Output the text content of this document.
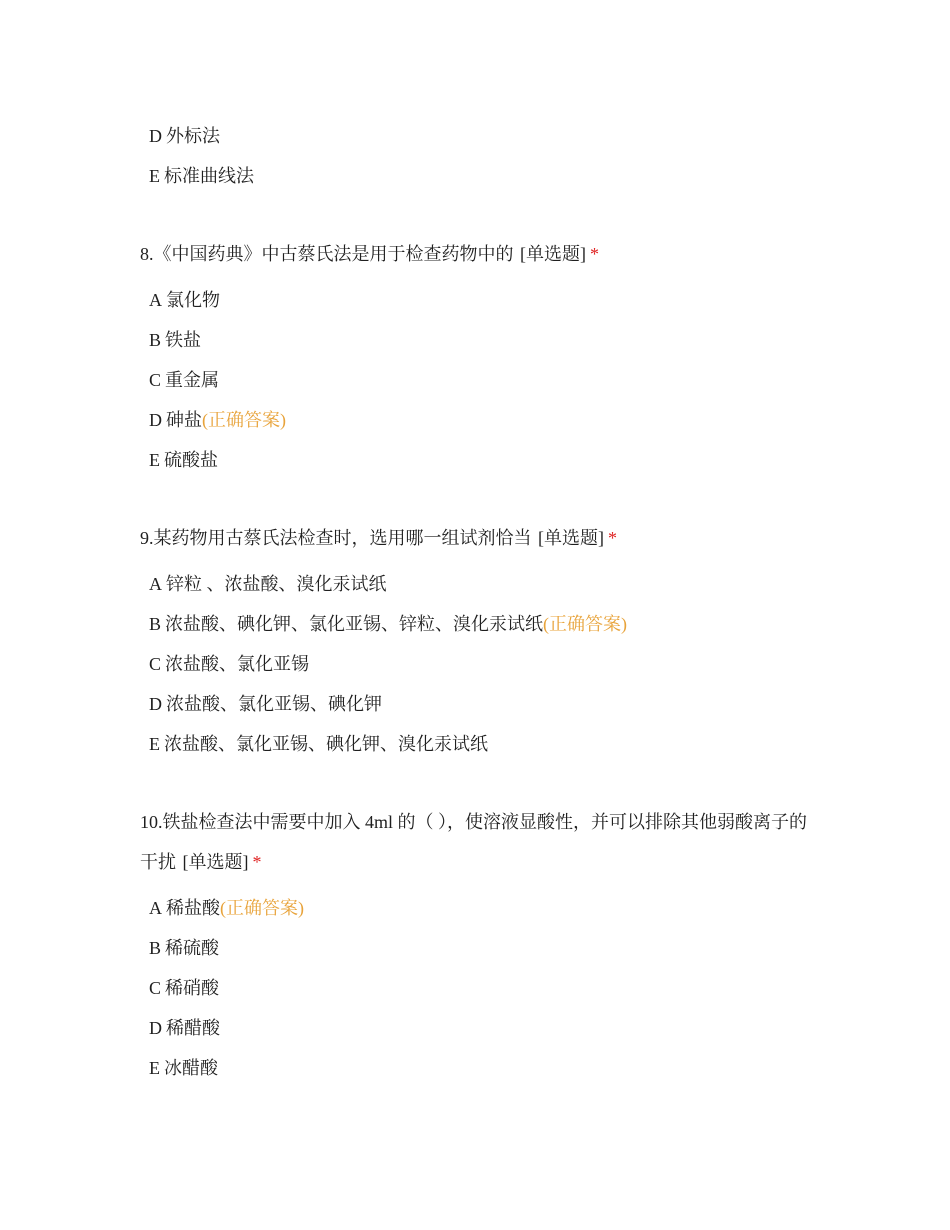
D 外标法
E 标准曲线法
8.《中国药典》中古蔡氏法是用于检查药物中的 [单选题] *
A 氯化物
B 铁盐
C 重金属
D 砷盐(正确答案)
E 硫酸盐
9.某药物用古蔡氏法检查时，选用哪一组试剂恰当 [单选题] *
A 锌粒 、浓盐酸、溴化汞试纸
B 浓盐酸、碘化钾、氯化亚锡、锌粒、溴化汞试纸(正确答案)
C 浓盐酸、氯化亚锡
D 浓盐酸、氯化亚锡、碘化钾
E 浓盐酸、氯化亚锡、碘化钾、溴化汞试纸
10.铁盐检查法中需要中加入 4ml 的（ ），使溶液显酸性，并可以排除其他弱酸离子的干扰 [单选题] *
A 稀盐酸(正确答案)
B 稀硫酸
C 稀硝酸
D 稀醋酸
E 冰醋酸
